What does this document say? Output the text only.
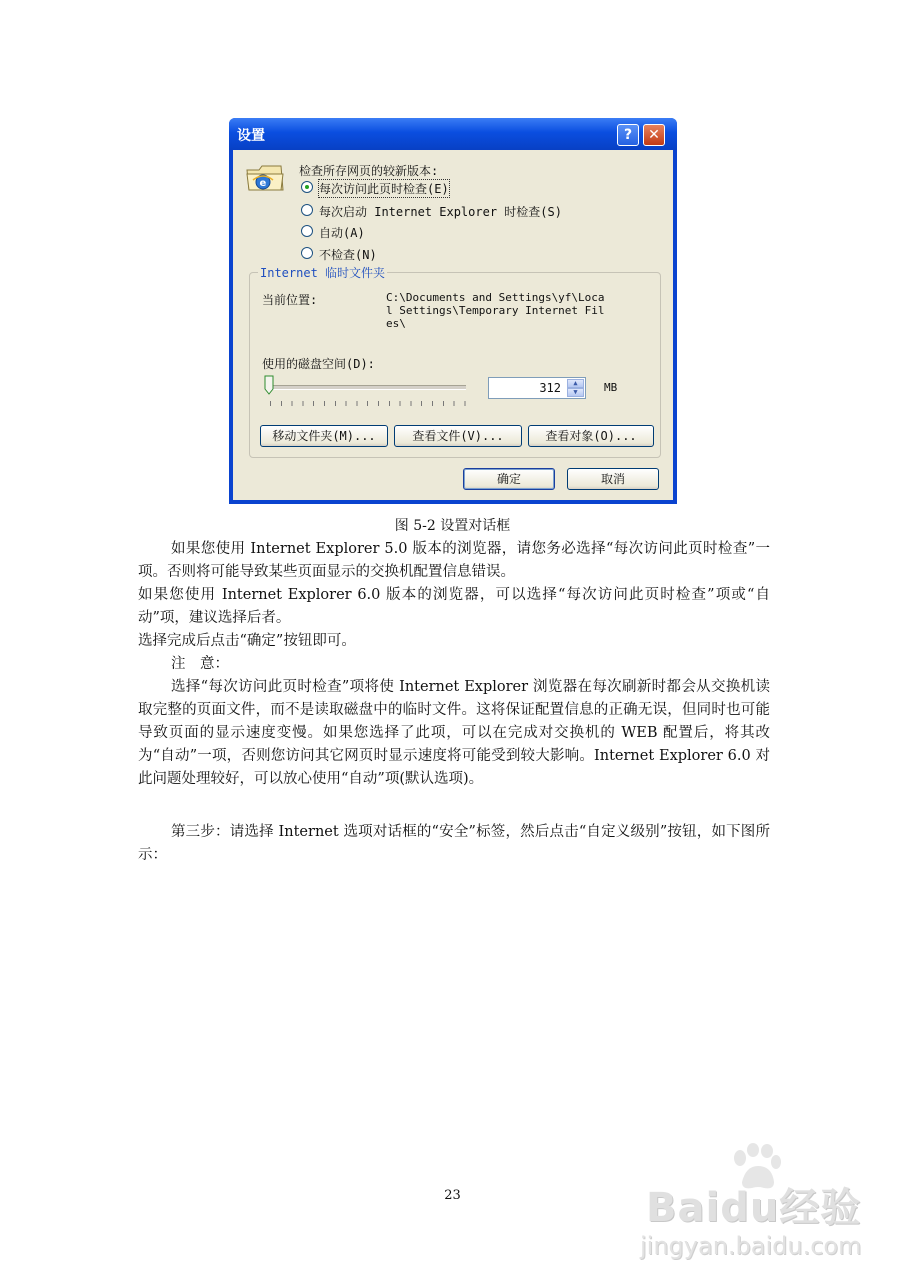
设置	?	✕
e
检查所存网页的较新版本:
每次访问此页时检查(E)
每次启动 Internet Explorer 时检查(S)
自动(A)
不检查(N)
Internet 临时文件夹
当前位置:	C:\Documents and Settings\yf\Local Settings\Temporary Internet Files\
使用的磁盘空间(D):
312	▲
▼	MB
移动文件夹(M)...	查看文件(V)...	查看对象(O)...
确定	取消
图 5-2 设置对话框
如果您使用 Internet Explorer 5.0 版本的浏览器，请您务必选择“每次访问此页时检查”一项。否则将可能导致某些页面显示的交换机配置信息错误。
如果您使用 Internet Explorer 6.0 版本的浏览器，可以选择“每次访问此页时检查”项或“自动”项，建议选择后者。
选择完成后点击“确定”按钮即可。
注　意：
选择“每次访问此页时检查”项将使 Internet Explorer 浏览器在每次刷新时都会从交换机读取完整的页面文件，而不是读取磁盘中的临时文件。这将保证配置信息的正确无误，但同时也可能导致页面的显示速度变慢。如果您选择了此项，可以在完成对交换机的 WEB 配置后，将其改为“自动”一项，否则您访问其它网页时显示速度将可能受到较大影响。Internet Explorer 6.0 对此问题处理较好，可以放心使用“自动”项(默认选项)。
第三步：请选择 Internet 选项对话框的“安全”标签，然后点击“自定义级别”按钮，如下图所示：
23	Baidu经验
jingyan.baidu.com
